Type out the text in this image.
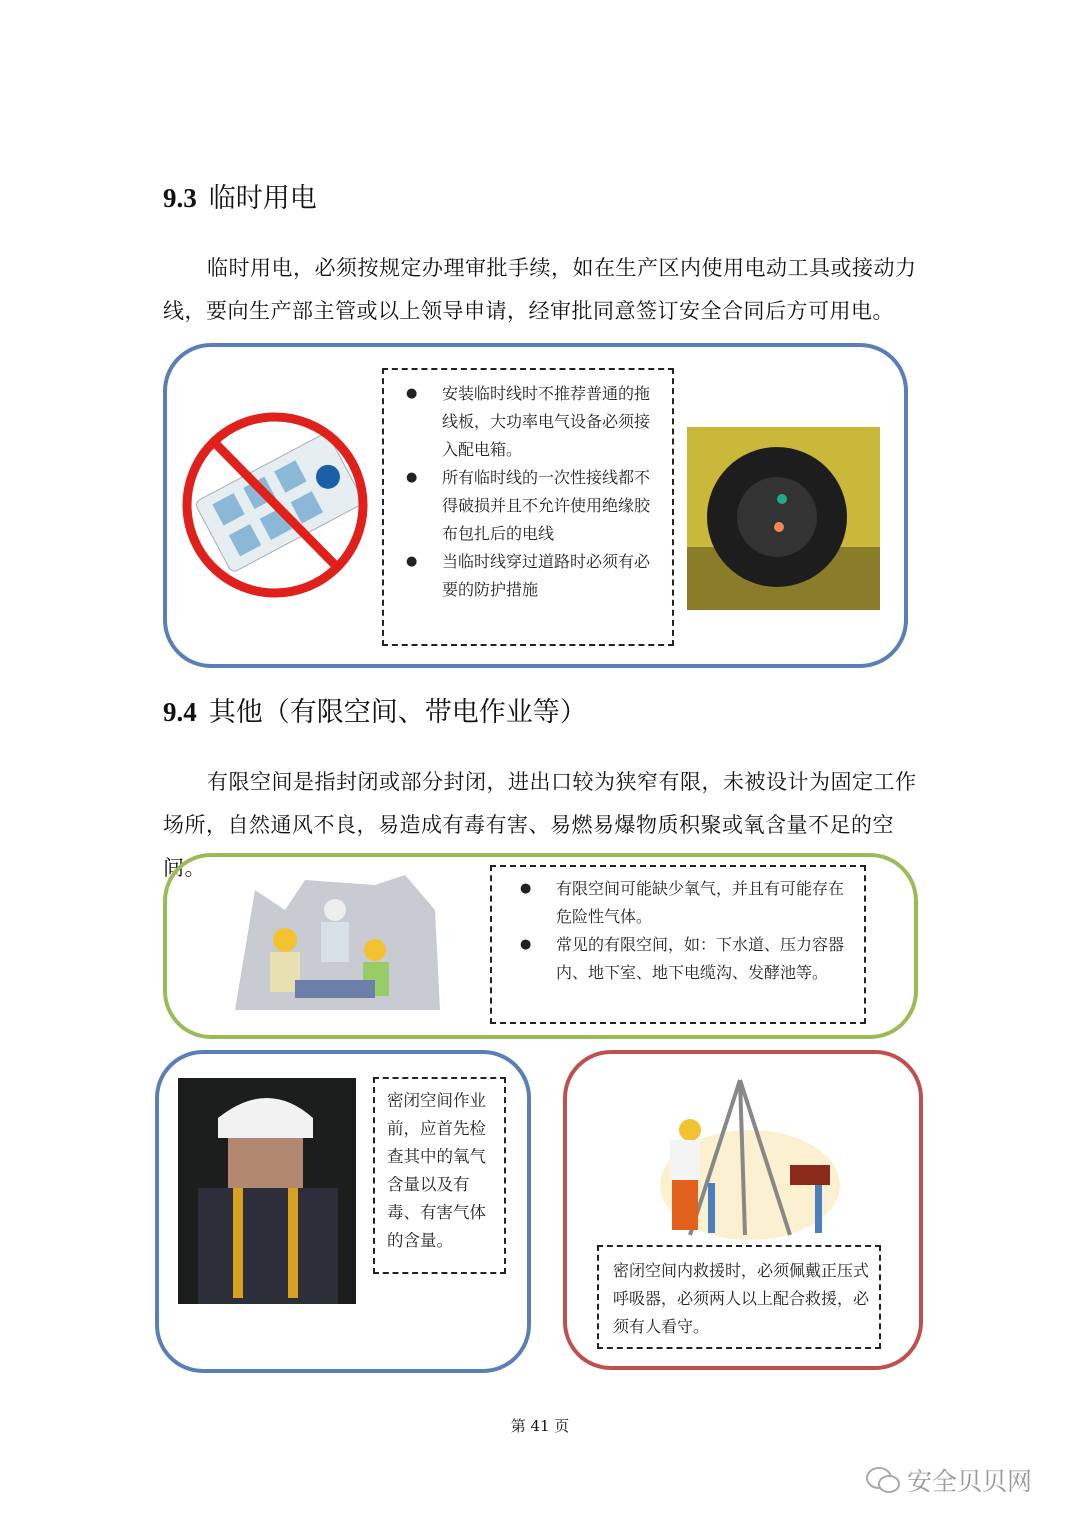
9.3 临时用电
临时用电，必须按规定办理审批手续，如在生产区内使用电动工具或接动力线，要向生产部主管或以上领导申请，经审批同意签订安全合同后方可用电。
● 安装临时线时不推荐普通的拖线板，大功率电气设备必须接入配电箱。
● 所有临时线的一次性接线都不得破损并且不允许使用绝缘胶布包扎后的电线
● 当临时线穿过道路时必须有必要的防护措施
9.4 其他（有限空间、带电作业等）
有限空间是指封闭或部分封闭，进出口较为狭窄有限，未被设计为固定工作场所，自然通风不良，易造成有毒有害、易燃易爆物质积聚或氧含量不足的空间。
● 有限空间可能缺少氧气，并且有可能存在危险性气体。
● 常见的有限空间，如：下水道、压力容器内、地下室、地下电缆沟、发酵池等。
密闭空间作业前，应首先检查其中的氧气含量以及有毒、有害气体的含量。
密闭空间内救援时，必须佩戴正压式呼吸器，必须两人以上配合救援，必须有人看守。
第 41 页
安全贝贝网
